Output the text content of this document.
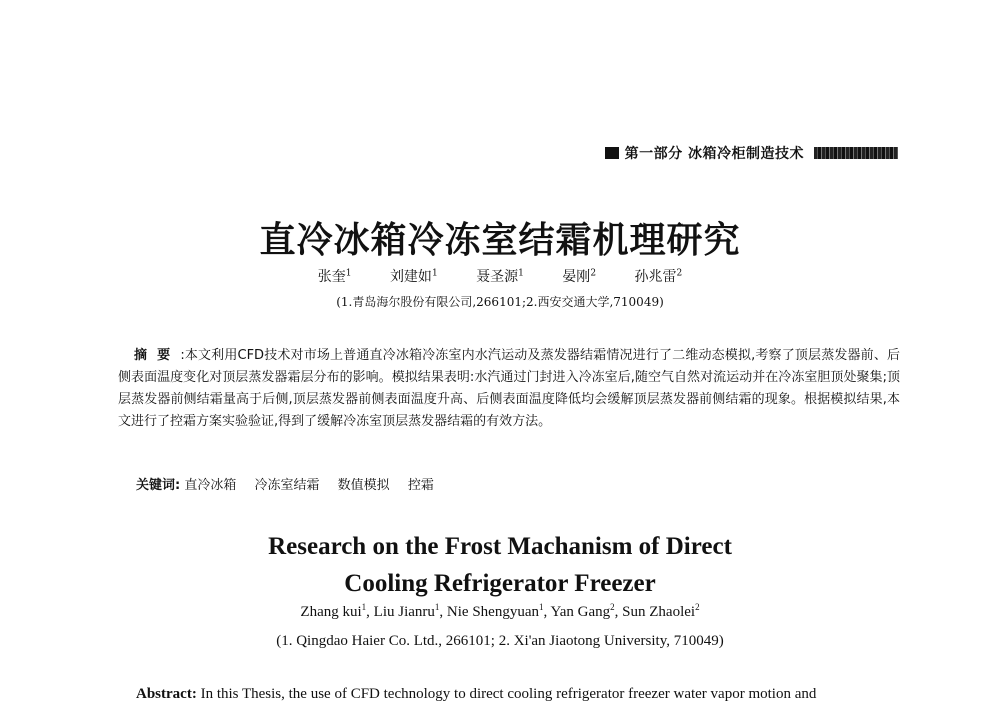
第一部分 冰箱冷柜制造技术
直冷冰箱冷冻室结霜机理研究
张奎$^1$	刘建如$^1$	聂圣源$^1$	晏刚$^2$	孙兆雷$^2$
(1.青岛海尔股份有限公司,266101;2.西安交通大学,710049)
摘要:本文利用CFD技术对市场上普通直冷冰箱冷冻室内水汽运动及蒸发器结霜情况进行了二维动态模拟,考察了顶层蒸发器前、后侧表面温度变化对顶层蒸发器霜层分布的影响。模拟结果表明:水汽通过门封进入冷冻室后,随空气自然对流运动并在冷冻室胆顶处聚集;顶层蒸发器前侧结霜量高于后侧,顶层蒸发器前侧表面温度升高、后侧表面温度降低均会缓解顶层蒸发器前侧结霜的现象。根据模拟结果,本文进行了控霜方案实验验证,得到了缓解冷冻室顶层蒸发器结霜的有效方法。
关键词: 直冷冰箱 冷冻室结霜 数值模拟 控霜
Research on the Frost Machanism of Direct
Cooling Refrigerator Freezer
Zhang kui$^1$, Liu Jianru$^1$, Nie Shengyuan$^1$, Yan Gang$^2$, Sun Zhaolei$^2$
(1. Qingdao Haier Co. Ltd., 266101; 2. Xi'an Jiaotong University, 710049)
Abstract: In this Thesis, the use of CFD technology to direct cooling refrigerator freezer water vapor motion and
